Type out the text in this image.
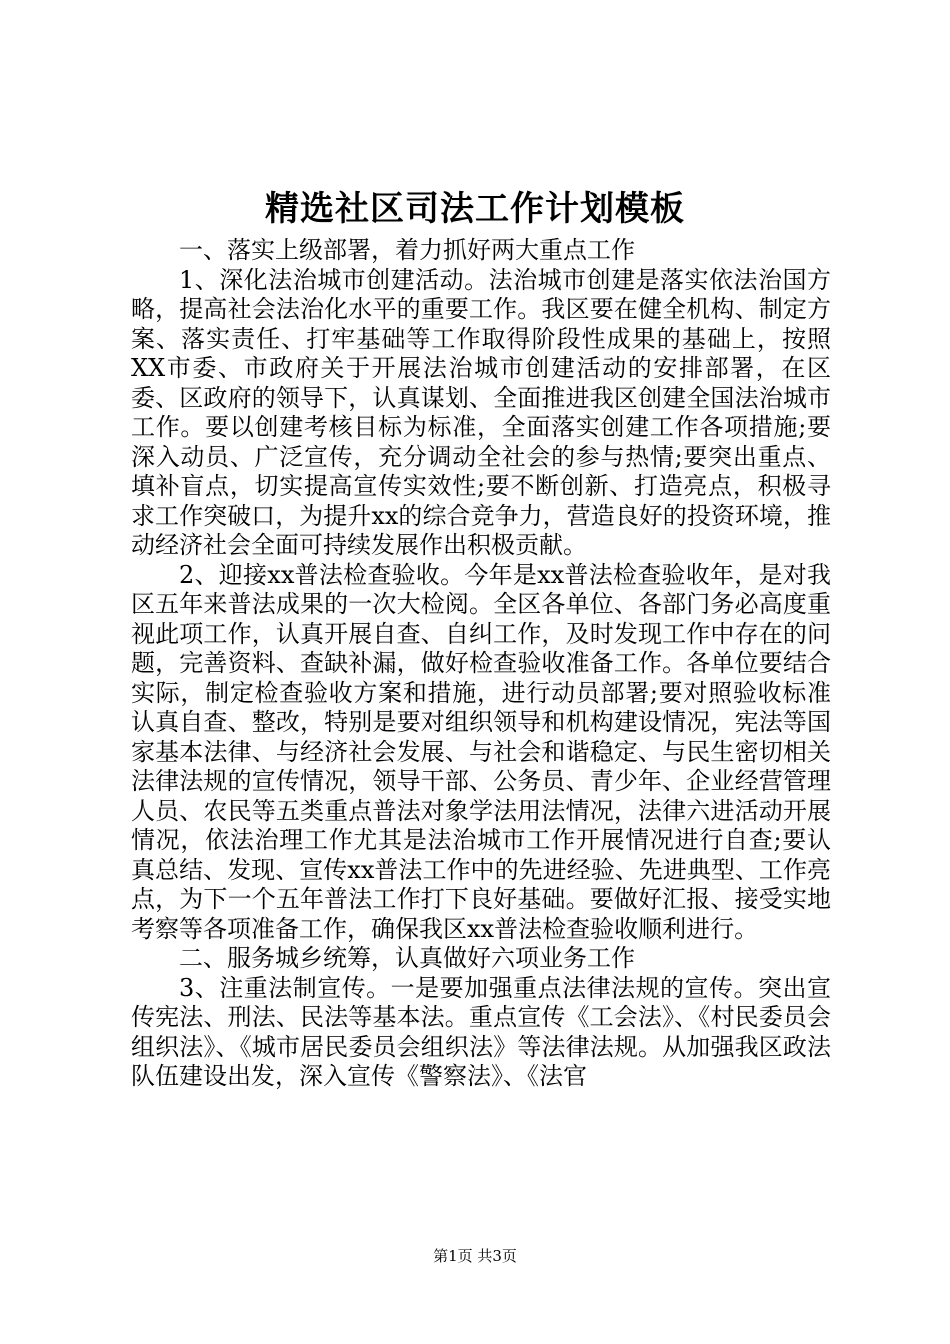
精选社区司法工作计划模板

一、落实上级部署，着力抓好两大重点工作

1、深化法治城市创建活动。法治城市创建是落实依法治国方略，提高社会法治化水平的重要工作。我区要在健全机构、制定方案、落实责任、打牢基础等工作取得阶段性成果的基础上，按照XX市委、市政府关于开展法治城市创建活动的安排部署，在区委、区政府的领导下，认真谋划、全面推进我区创建全国法治城市工作。要以创建考核目标为标准，全面落实创建工作各项措施;要深入动员、广泛宣传，充分调动全社会的参与热情;要突出重点、填补盲点，切实提高宣传实效性;要不断创新、打造亮点，积极寻求工作突破口，为提升xx的综合竞争力，营造良好的投资环境，推动经济社会全面可持续发展作出积极贡献。

2、迎接xx普法检查验收。今年是xx普法检查验收年，是对我区五年来普法成果的一次大检阅。全区各单位、各部门务必高度重视此项工作，认真开展自查、自纠工作，及时发现工作中存在的问题，完善资料、查缺补漏，做好检查验收准备工作。各单位要结合实际，制定检查验收方案和措施，进行动员部署;要对照验收标准认真自查、整改，特别是要对组织领导和机构建设情况，宪法等国家基本法律、与经济社会发展、与社会和谐稳定、与民生密切相关法律法规的宣传情况，领导干部、公务员、青少年、企业经营管理人员、农民等五类重点普法对象学法用法情况，法律六进活动开展情况，依法治理工作尤其是法治城市工作开展情况进行自查;要认真总结、发现、宣传xx普法工作中的先进经验、先进典型、工作亮点，为下一个五年普法工作打下良好基础。要做好汇报、接受实地考察等各项准备工作，确保我区xx普法检查验收顺利进行。

二、服务城乡统筹，认真做好六项业务工作

3、注重法制宣传。一是要加强重点法律法规的宣传。突出宣传宪法、刑法、民法等基本法。重点宣传《工会法》、《村民委员会组织法》、《城市居民委员会组织法》等法律法规。从加强我区政法队伍建设出发，深入宣传《警察法》、《法官

第1页 共3页
